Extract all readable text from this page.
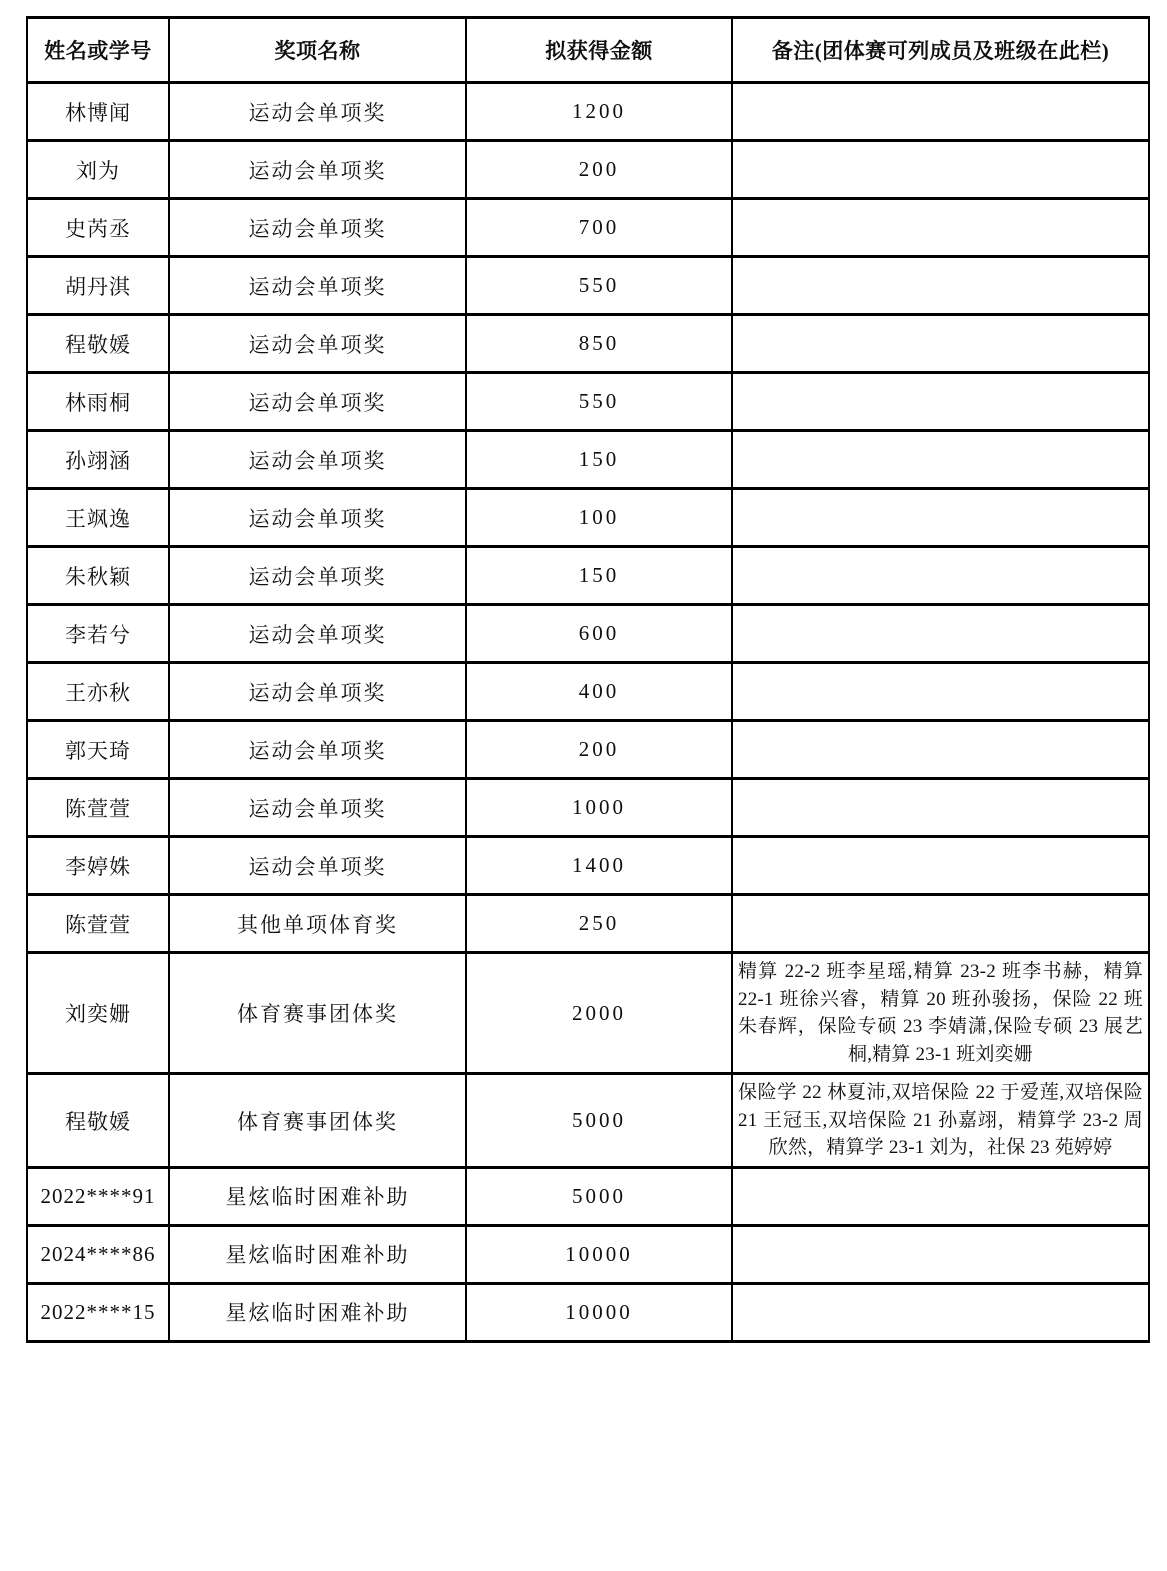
姓名或学号	奖项名称	拟获得金额	备注(团体赛可列成员及班级在此栏)
林博闻	运动会单项奖	1200	
刘为	运动会单项奖	200	
史芮丞	运动会单项奖	700	
胡丹淇	运动会单项奖	550	
程敬媛	运动会单项奖	850	
林雨桐	运动会单项奖	550	
孙翊涵	运动会单项奖	150	
王飒逸	运动会单项奖	100	
朱秋颖	运动会单项奖	150	
李若兮	运动会单项奖	600	
王亦秋	运动会单项奖	400	
郭天琦	运动会单项奖	200	
陈萱萱	运动会单项奖	1000	
李婷姝	运动会单项奖	1400	
陈萱萱	其他单项体育奖	250	
刘奕姗	体育赛事团体奖	2000	精算 22-2 班李星瑶,精算 23-2 班李书赫，精算 22-1 班徐兴睿，精算 20 班孙骏扬，保险 22 班朱春辉，保险专硕 23 李婧潇,保险专硕 23 展艺桐,精算 23-1 班刘奕姗
程敬媛	体育赛事团体奖	5000	保险学 22 林夏沛,双培保险 22 于爱莲,双培保险 21 王冠玉,双培保险 21 孙嘉翊，精算学 23-2 周欣然，精算学 23-1 刘为，社保 23 苑婷婷
2022****91	星炫临时困难补助	5000	
2024****86	星炫临时困难补助	10000	
2022****15	星炫临时困难补助	10000	
